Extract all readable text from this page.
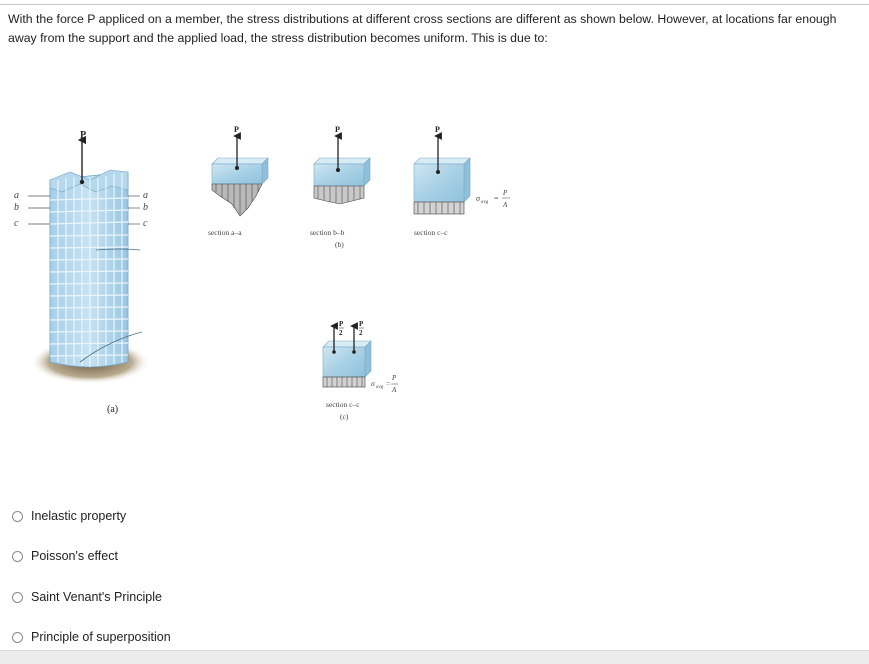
With the force P appliced on a member, the stress distributions at different cross sections are different as shown below. However, at locations far enough away from the support and the applied load, the stress distribution becomes uniform. This is due to:
P
a
b
c
a
b
c
(a)
P
section a–a
P
section b–b
(b)
P
σ avg =
P
A
section c–c
P
2
P
2
σ avg =
P
A
section c–c
(c)
Inelastic property
Poisson's effect
Saint Venant's Principle
Principle of superposition
